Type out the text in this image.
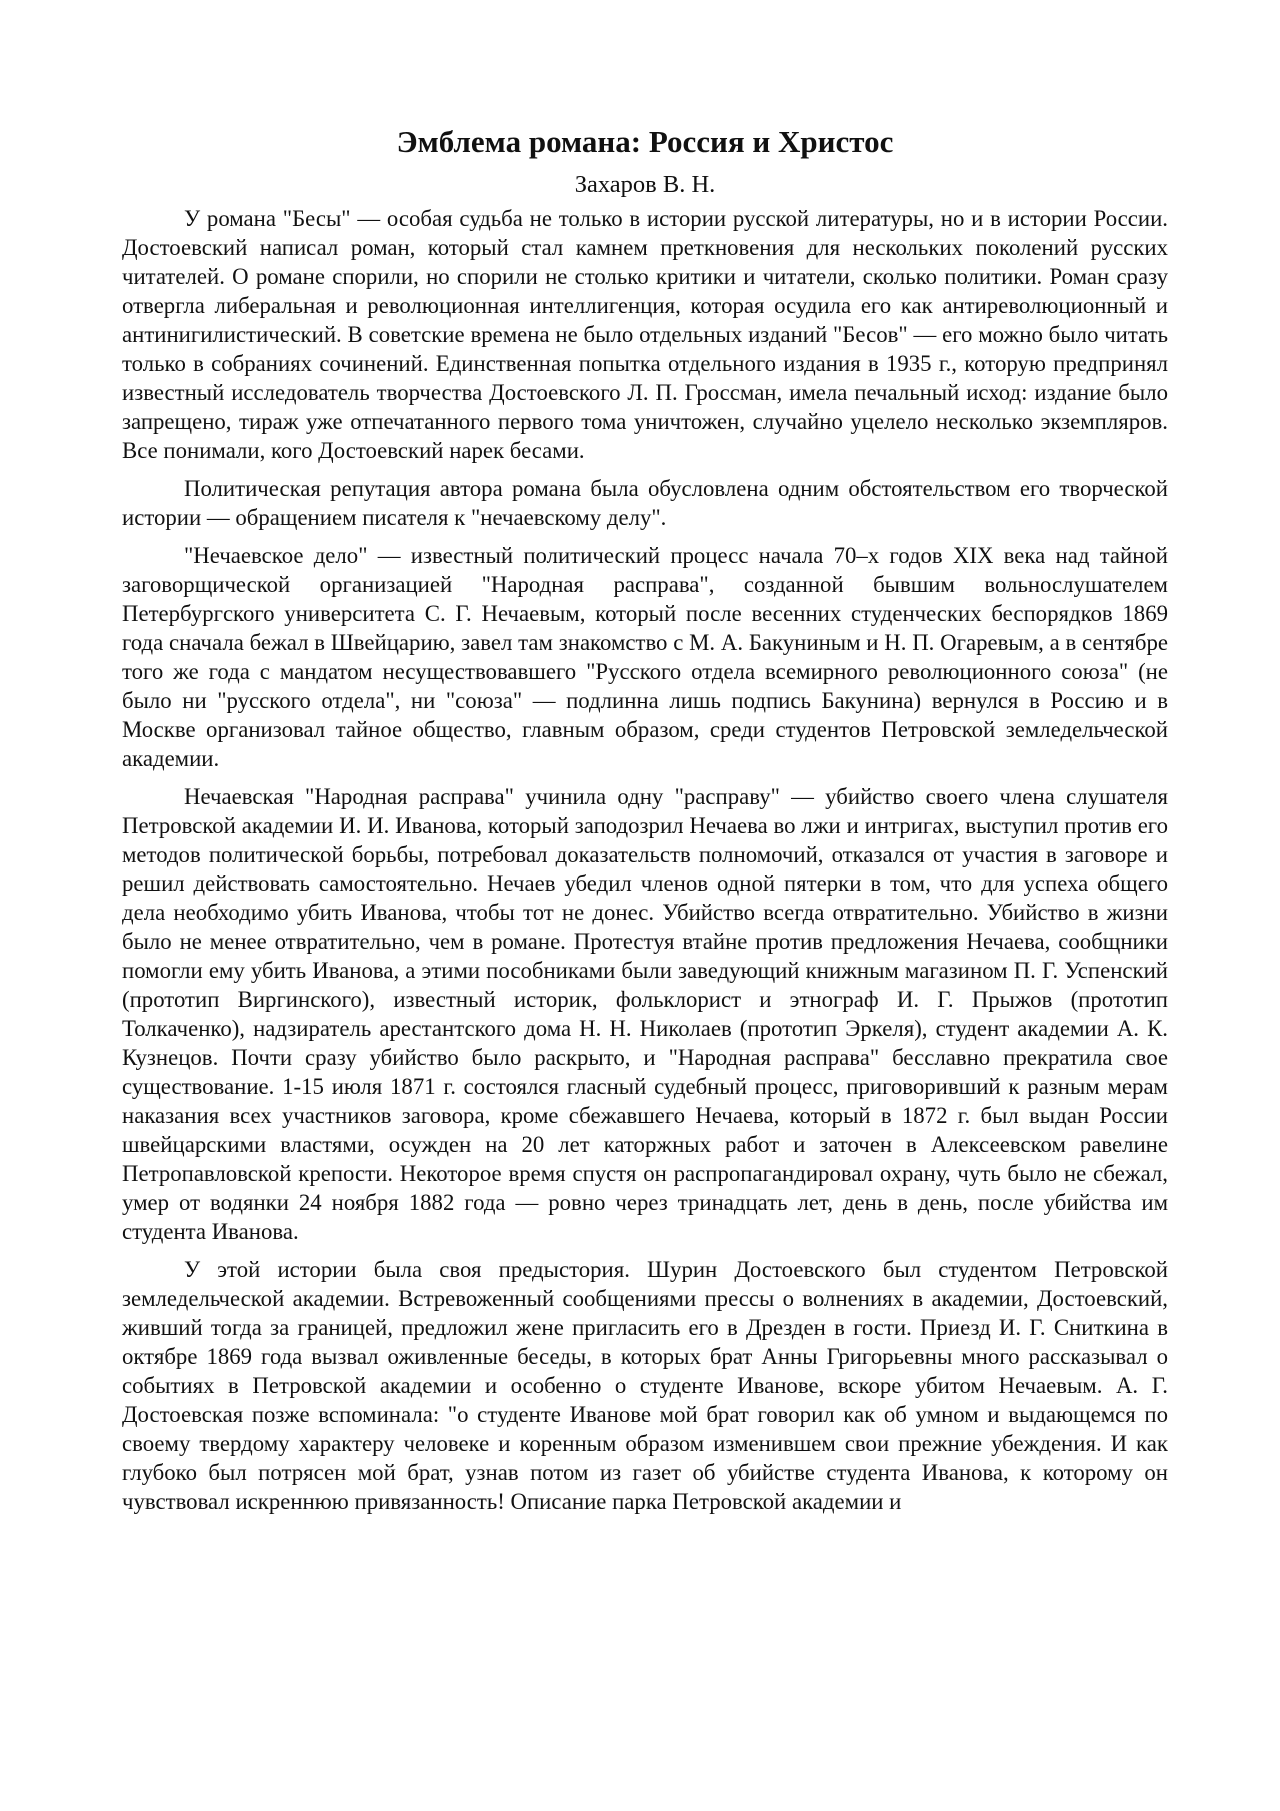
Эмблема романа: Россия и Христос
Захаров В. Н.

У романа "Бесы" — особая судьба не только в истории русской литературы, но и в истории России. Достоевский написал роман, который стал камнем преткновения для нескольких поколений русских читателей. О романе спорили, но спорили не столько критики и читатели, сколько политики. Роман сразу отвергла либеральная и революционная интеллигенция, которая осудила его как антиреволюционный и антинигилистический. В советские времена не было отдельных изданий "Бесов" — его можно было читать только в собраниях сочинений. Единственная попытка отдельного издания в 1935 г., которую предпринял известный исследователь творчества Достоевского Л. П. Гроссман, имела печальный исход: издание было запрещено, тираж уже отпечатанного первого тома уничтожен, случайно уцелело несколько экземпляров. Все понимали, кого Достоевский нарек бесами.

Политическая репутация автора романа была обусловлена одним обстоятельством его творческой истории — обращением писателя к "нечаевскому делу".

"Нечаевское дело" — известный политический процесс начала 70–х годов XIX века над тайной заговорщической организацией "Народная расправа", созданной бывшим вольнослушателем Петербургского университета С. Г. Нечаевым, который после весенних студенческих беспорядков 1869 года сначала бежал в Швейцарию, завел там знакомство с М. А. Бакуниным и Н. П. Огаревым, а в сентябре того же года с мандатом несуществовавшего "Русского отдела всемирного революционного союза" (не было ни "русского отдела", ни "союза" — подлинна лишь подпись Бакунина) вернулся в Россию и в Москве организовал тайное общество, главным образом, среди студентов Петровской земледельческой академии.

Нечаевская "Народная расправа" учинила одну "расправу" — убийство своего члена слушателя Петровской академии И. И. Иванова, который заподозрил Нечаева во лжи и интригах, выступил против его методов политической борьбы, потребовал доказательств полномочий, отказался от участия в заговоре и решил действовать самостоятельно. Нечаев убедил членов одной пятерки в том, что для успеха общего дела необходимо убить Иванова, чтобы тот не донес. Убийство всегда отвратительно. Убийство в жизни было не менее отвратительно, чем в романе. Протестуя втайне против предложения Нечаева, сообщники помогли ему убить Иванова, а этими пособниками были заведующий книжным магазином П. Г. Успенский (прототип Виргинского), известный историк, фольклорист и этнограф И. Г. Прыжов (прототип Толкаченко), надзиратель арестантского дома Н. Н. Николаев (прототип Эркеля), студент академии А. К. Кузнецов. Почти сразу убийство было раскрыто, и "Народная расправа" бесславно прекратила свое существование. 1-15 июля 1871 г. состоялся гласный судебный процесс, приговоривший к разным мерам наказания всех участников заговора, кроме сбежавшего Нечаева, который в 1872 г. был выдан России швейцарскими властями, осужден на 20 лет каторжных работ и заточен в Алексеевском равелине Петропавловской крепости. Некоторое время спустя он распропагандировал охрану, чуть было не сбежал, умер от водянки 24 ноября 1882 года — ровно через тринадцать лет, день в день, после убийства им студента Иванова.

У этой истории была своя предыстория. Шурин Достоевского был студентом Петровской земледельческой академии. Встревоженный сообщениями прессы о волнениях в академии, Достоевский, живший тогда за границей, предложил жене пригласить его в Дрезден в гости. Приезд И. Г. Сниткина в октябре 1869 года вызвал оживленные беседы, в которых брат Анны Григорьевны много рассказывал о событиях в Петровской академии и особенно о студенте Иванове, вскоре убитом Нечаевым. А. Г. Достоевская позже вспоминала: "о студенте Иванове мой брат говорил как об умном и выдающемся по своему твердому характеру человеке и коренным образом изменившем свои прежние убеждения. И как глубоко был потрясен мой брат, узнав потом из газет об убийстве студента Иванова, к которому он чувствовал искреннюю привязанность! Описание парка Петровской академии и
